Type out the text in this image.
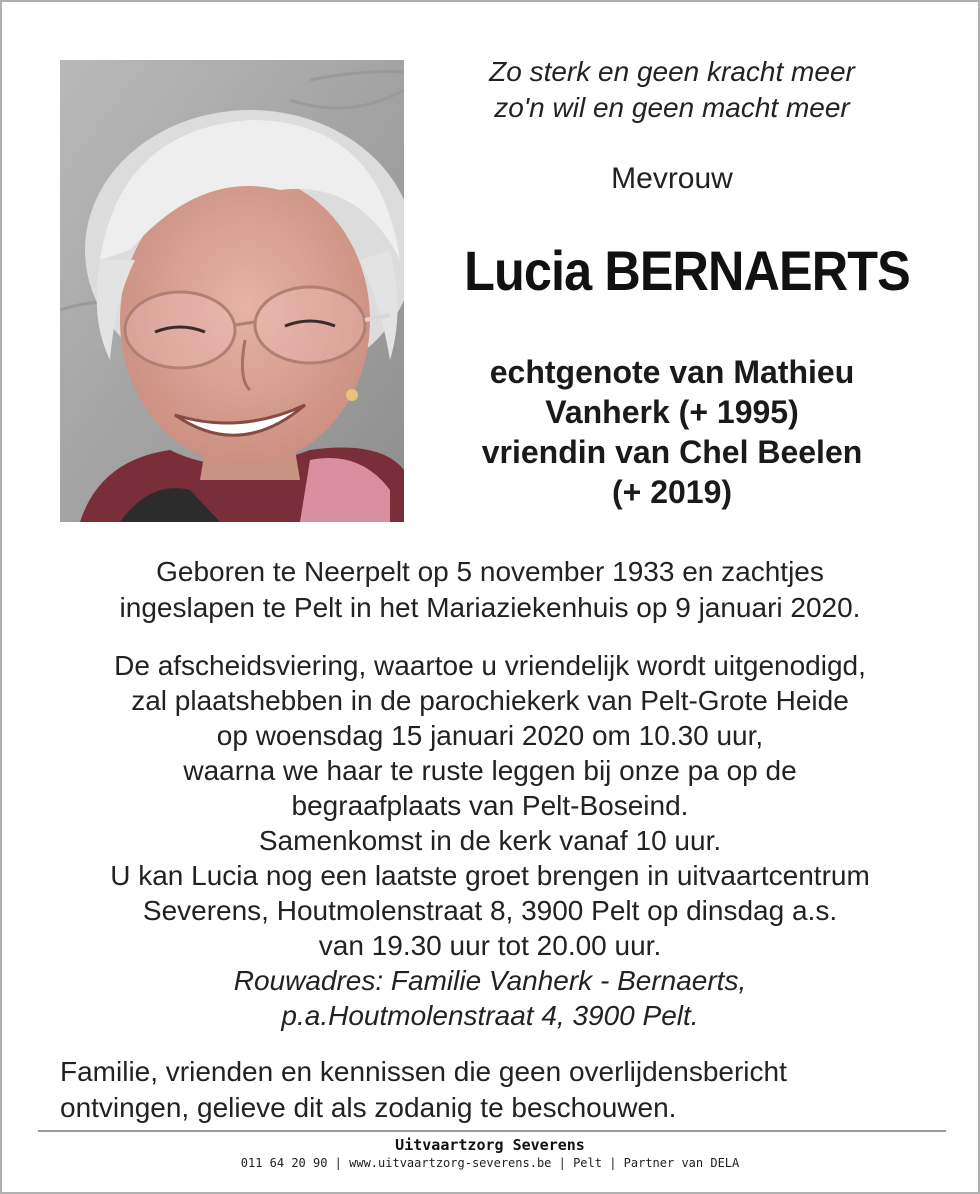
Zo sterk en geen kracht meer
zo'n wil en geen macht meer
Mevrouw
Lucia BERNAERTS
echtgenote van Mathieu
Vanherk (+ 1995)
vriendin van Chel Beelen
(+ 2019)
Geboren te Neerpelt op 5 november 1933 en zachtjes
ingeslapen te Pelt in het Mariaziekenhuis op 9 januari 2020.
De afscheidsviering, waartoe u vriendelijk wordt uitgenodigd,
zal plaatshebben in de parochiekerk van Pelt-Grote Heide
op woensdag 15 januari 2020 om 10.30 uur,
waarna we haar te ruste leggen bij onze pa op de
begraafplaats van Pelt-Boseind.
Samenkomst in de kerk vanaf 10 uur.
U kan Lucia nog een laatste groet brengen in uitvaartcentrum
Severens, Houtmolenstraat 8, 3900 Pelt op dinsdag a.s.
van 19.30 uur tot 20.00 uur.
Rouwadres: Familie Vanherk - Bernaerts,
p.a.Houtmolenstraat 4, 3900 Pelt.
Familie, vrienden en kennissen die geen overlijdensbericht
ontvingen, gelieve dit als zodanig te beschouwen.
Uitvaartzorg Severens
011 64 20 90 | www.uitvaartzorg-severens.be | Pelt | Partner van DELA
